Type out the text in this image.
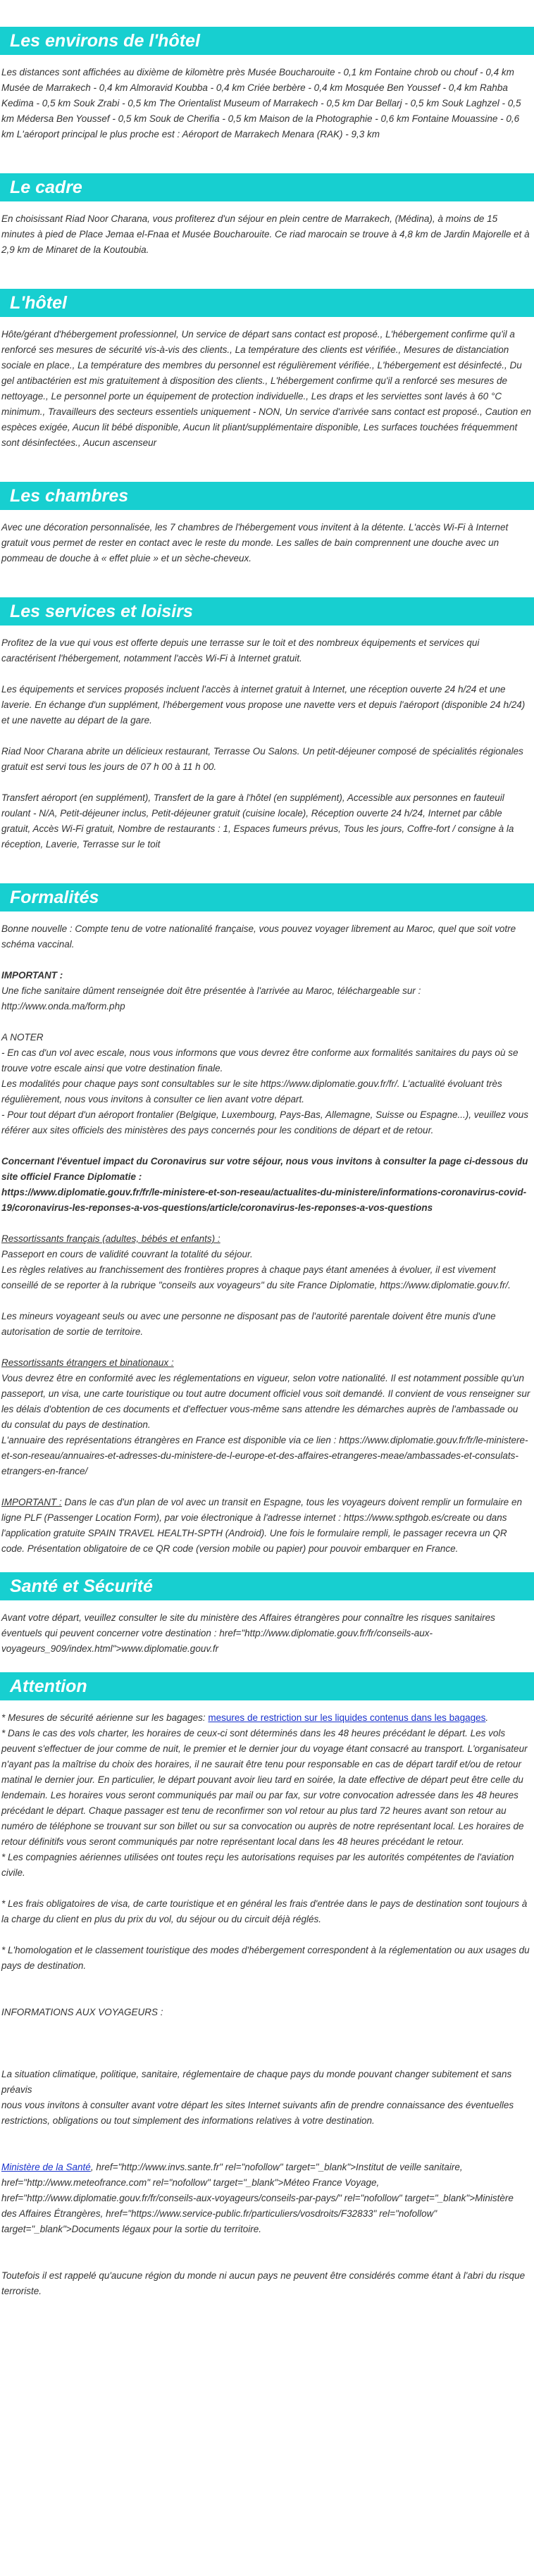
Les environs de l'hôtel

Les distances sont affichées au dixième de kilomètre près Musée Boucharouite - 0,1 km Fontaine chrob ou chouf - 0,4 km Musée de Marrakech - 0,4 km Almoravid Koubba - 0,4 km Criée berbère - 0,4 km Mosquée Ben Youssef - 0,4 km Rahba Kedima - 0,5 km Souk Zrabi - 0,5 km The Orientalist Museum of Marrakech - 0,5 km Dar Bellarj - 0,5 km Souk Laghzel - 0,5 km Médersa Ben Youssef - 0,5 km Souk de Cherifia - 0,5 km Maison de la Photographie - 0,6 km Fontaine Mouassine - 0,6 km L'aéroport principal le plus proche est : Aéroport de Marrakech Menara (RAK) - 9,3 km

Le cadre

En choisissant Riad Noor Charana, vous profiterez d'un séjour en plein centre de Marrakech, (Médina), à moins de 15 minutes à pied de Place Jemaa el-Fnaa et Musée Boucharouite. Ce riad marocain se trouve à 4,8 km de Jardin Majorelle et à 2,9 km de Minaret de la Koutoubia.

L'hôtel

Hôte/gérant d'hébergement professionnel, Un service de départ sans contact est proposé., L'hébergement confirme qu'il a renforcé ses mesures de sécurité vis-à-vis des clients., La température des clients est vérifiée., Mesures de distanciation sociale en place., La température des membres du personnel est régulièrement vérifiée., L'hébergement est désinfecté., Du gel antibactérien est mis gratuitement à disposition des clients., L'hébergement confirme qu'il a renforcé ses mesures de nettoyage., Le personnel porte un équipement de protection individuelle., Les draps et les serviettes sont lavés à 60 °C minimum., Travailleurs des secteurs essentiels uniquement - NON, Un service d'arrivée sans contact est proposé., Caution en espèces exigée, Aucun lit bébé disponible, Aucun lit pliant/supplémentaire disponible, Les surfaces touchées fréquemment sont désinfectées., Aucun ascenseur

Les chambres

Avec une décoration personnalisée, les 7 chambres de l'hébergement vous invitent à la détente. L'accès Wi-Fi à Internet gratuit vous permet de rester en contact avec le reste du monde. Les salles de bain comprennent une douche avec un pommeau de douche à « effet pluie » et un sèche-cheveux.

Les services et loisirs

Profitez de la vue qui vous est offerte depuis une terrasse sur le toit et des nombreux équipements et services qui caractérisent l'hébergement, notamment l'accès Wi-Fi à Internet gratuit.

Les équipements et services proposés incluent l'accès à internet gratuit à Internet, une réception ouverte 24 h/24 et une laverie. En échange d'un supplément, l'hébergement vous propose une navette vers et depuis l'aéroport (disponible 24 h/24) et une navette au départ de la gare.

Riad Noor Charana abrite un délicieux restaurant, Terrasse Ou Salons. Un petit-déjeuner composé de spécialités régionales gratuit est servi tous les jours de 07 h 00 à 11 h 00.

Transfert aéroport (en supplément), Transfert de la gare à l'hôtel (en supplément), Accessible aux personnes en fauteuil roulant - N/A, Petit-déjeuner inclus, Petit-déjeuner gratuit (cuisine locale), Réception ouverte 24 h/24, Internet par câble gratuit, Accès Wi-Fi gratuit, Nombre de restaurants : 1, Espaces fumeurs prévus, Tous les jours, Coffre-fort / consigne à la réception, Laverie, Terrasse sur le toit

Formalités

Bonne nouvelle : Compte tenu de votre nationalité française, vous pouvez voyager librement au Maroc, quel que soit votre schéma vaccinal.

IMPORTANT :

Une fiche sanitaire dûment renseignée doit être présentée à l'arrivée au Maroc, téléchargeable sur : http://www.onda.ma/form.php

A NOTER
- En cas d'un vol avec escale, nous vous informons que vous devrez être conforme aux formalités sanitaires du pays où se trouve votre escale ainsi que votre destination finale.
Les modalités pour chaque pays sont consultables sur le site https://www.diplomatie.gouv.fr/fr/. L'actualité évoluant très régulièrement, nous vous invitons à consulter ce lien avant votre départ.

- Pour tout départ d'un aéroport frontalier (Belgique, Luxembourg, Pays-Bas, Allemagne, Suisse ou Espagne...), veuillez vous référer aux sites officiels des ministères des pays concernés pour les conditions de départ et de retour.

Concernant l'éventuel impact du Coronavirus sur votre séjour, nous vous invitons à consulter la page ci-dessous du site officiel France Diplomatie :

https://www.diplomatie.gouv.fr/fr/le-ministere-et-son-reseau/actualites-du-ministere/informations-coronavirus-covid-19/coronavirus-les-reponses-a-vos-questions/article/coronavirus-les-reponses-a-vos-questions

Ressortissants français (adultes, bébés et enfants) :
Passeport en cours de validité couvrant la totalité du séjour.

Les règles relatives au franchissement des frontières propres à chaque pays étant amenées à évoluer, il est vivement conseillé de se reporter à la rubrique "conseils aux voyageurs" du site France Diplomatie, https://www.diplomatie.gouv.fr/.

Les mineurs voyageant seuls ou avec une personne ne disposant pas de l'autorité parentale doivent être munis d'une autorisation de sortie de territoire.

Ressortissants étrangers et binationaux :
Vous devrez être en conformité avec les réglementations en vigueur, selon votre nationalité. Il est notamment possible qu'un passeport, un visa, une carte touristique ou tout autre document officiel vous soit demandé. Il convient de vous renseigner sur les délais d'obtention de ces documents et d'effectuer vous-même sans attendre les démarches auprès de l'ambassade ou du consulat du pays de destination.

L'annuaire des représentations étrangères en France est disponible via ce lien : https://www.diplomatie.gouv.fr/fr/le-ministere-et-son-reseau/annuaires-et-adresses-du-ministere-de-l-europe-et-des-affaires-etrangeres-meae/ambassades-et-consulats-etrangers-en-france/

IMPORTANT : Dans le cas d'un plan de vol avec un transit en Espagne, tous les voyageurs doivent remplir un formulaire en ligne PLF (Passenger Location Form), par voie électronique à l'adresse internet : https://www.spthgob.es/create ou dans l'application gratuite SPAIN TRAVEL HEALTH-SPTH (Android). Une fois le formulaire rempli, le passager recevra un QR code. Présentation obligatoire de ce QR code (version mobile ou papier) pour pouvoir embarquer en France.

Santé et Sécurité

Avant votre départ, veuillez consulter le site du ministère des Affaires étrangères pour connaître les risques sanitaires éventuels qui peuvent concerner votre destination : href="http://www.diplomatie.gouv.fr/fr/conseils-aux-voyageurs_909/index.html">www.diplomatie.gouv.fr

Attention
* Mesures de sécurité aérienne sur les bagages: mesures de restriction sur les liquides contenus dans les bagages.
* Dans le cas des vols charter, les horaires de ceux-ci sont déterminés dans les 48 heures précédant le départ. Les vols peuvent s'effectuer de jour comme de nuit, le premier et le dernier jour du voyage étant consacré au transport. L'organisateur n'ayant pas la maîtrise du choix des horaires, il ne saurait être tenu pour responsable en cas de départ tardif et/ou de retour matinal le dernier jour. En particulier, le départ pouvant avoir lieu tard en soirée, la date effective de départ peut être celle du lendemain. Les horaires vous seront communiqués par mail ou par fax, sur votre convocation adressée dans les 48 heures précédant le départ. Chaque passager est tenu de reconfirmer son vol retour au plus tard 72 heures avant son retour au numéro de téléphone se trouvant sur son billet ou sur sa convocation ou auprès de notre représentant local. Les horaires de retour définitifs vous seront communiqués par notre représentant local dans les 48 heures précédant le retour.
* Les compagnies aériennes utilisées ont toutes reçu les autorisations requises par les autorités compétentes de l'aviation civile.
* Les frais obligatoires de visa, de carte touristique et en général les frais d'entrée dans le pays de destination sont toujours à la charge du client en plus du prix du vol, du séjour ou du circuit déjà réglés.
* L'homologation et le classement touristique des modes d'hébergement correspondent à la réglementation ou aux usages du pays de destination.
INFORMATIONS AUX VOYAGEURS :
La situation climatique, politique, sanitaire, réglementaire de chaque pays du monde pouvant changer subitement et sans préavis
nous vous invitons à consulter avant votre départ les sites Internet suivants afin de prendre connaissance des éventuelles restrictions, obligations ou tout simplement des informations relatives à votre destination.
Ministère de la Santé, href="http://www.invs.sante.fr" rel="nofollow" target="_blank">Institut de veille sanitaire, href="http://www.meteofrance.com" rel="nofollow" target="_blank">Méteo France Voyage, href="http://www.diplomatie.gouv.fr/fr/conseils-aux-voyageurs/conseils-par-pays/" rel="nofollow" target="_blank">Ministère des Affaires Étrangères, href="https://www.service-public.fr/particuliers/vosdroits/F32833" rel="nofollow" target="_blank">Documents légaux pour la sortie du territoire.
Toutefois il est rappelé qu'aucune région du monde ni aucun pays ne peuvent être considérés comme étant à l'abri du risque terroriste.
